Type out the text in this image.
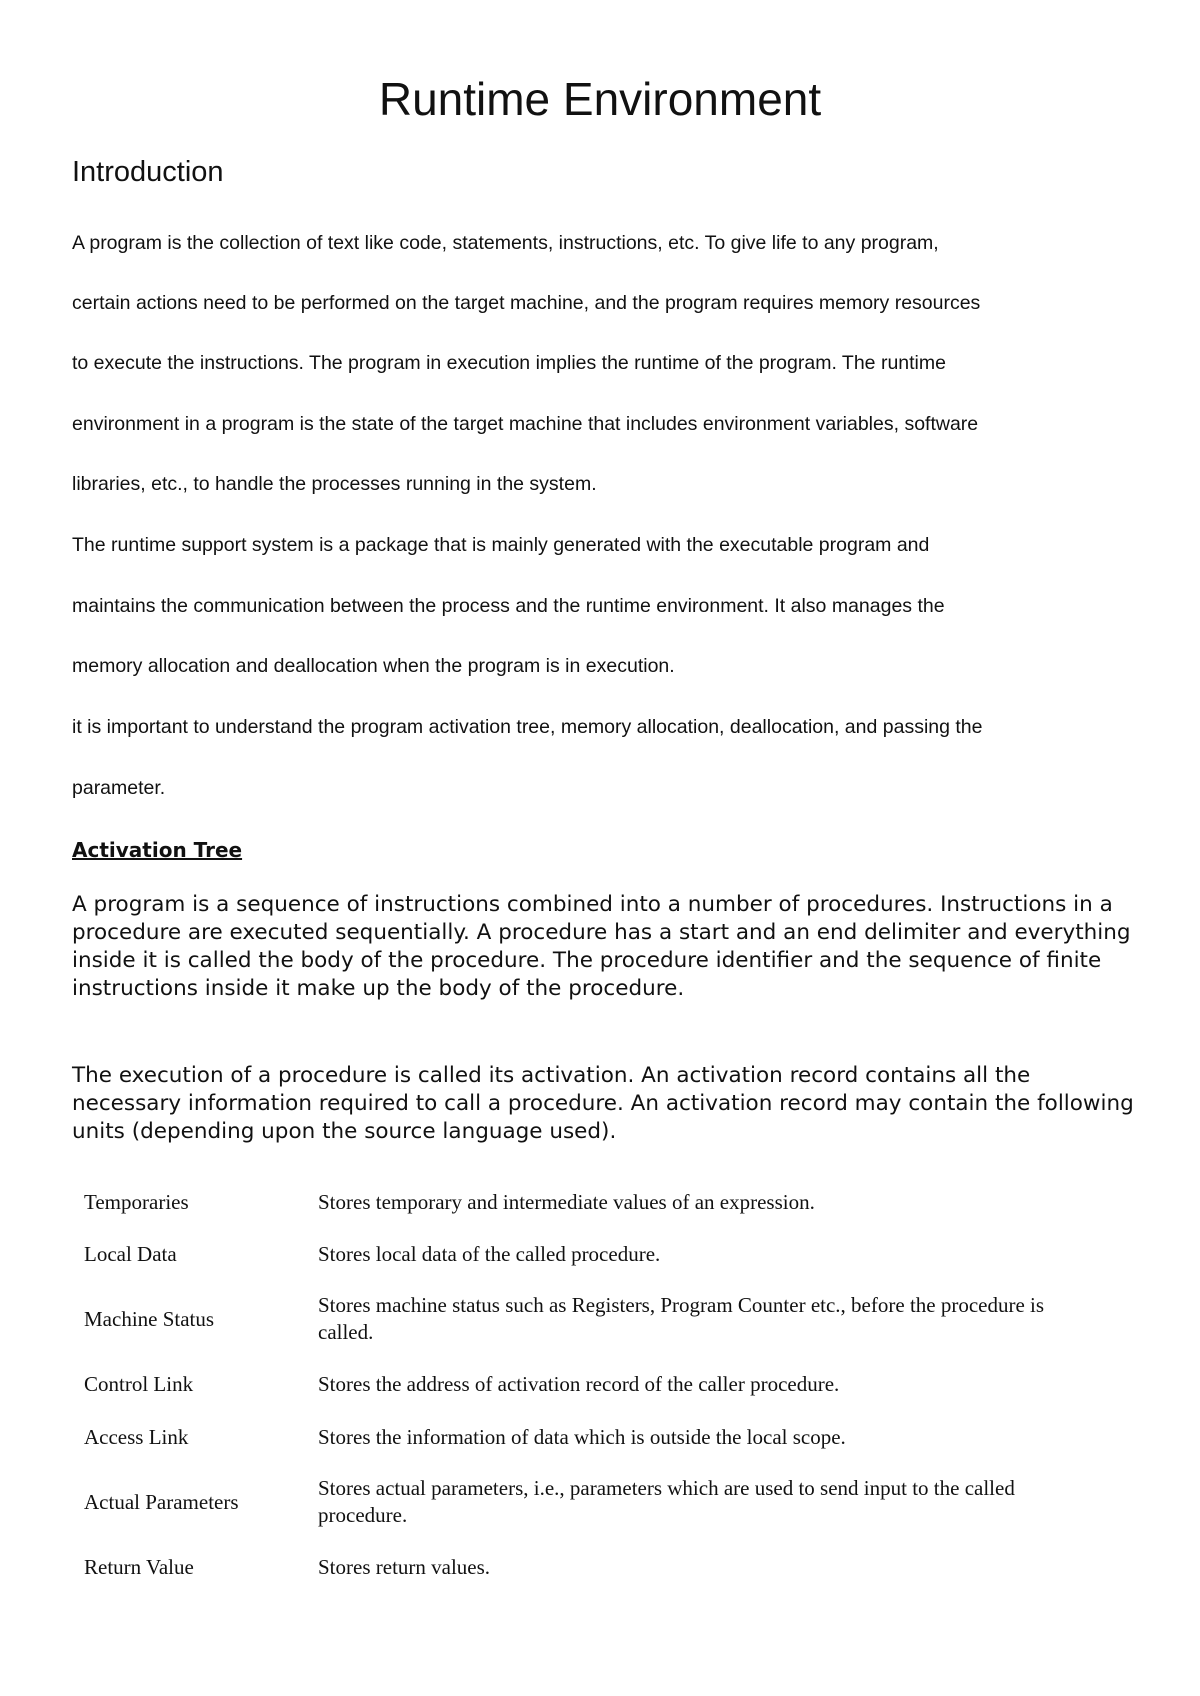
Runtime Environment
Introduction
A program is the collection of text like code, statements, instructions, etc. To give life to any program,
certain actions need to be performed on the target machine, and the program requires memory resources
to execute the instructions. The program in execution implies the runtime of the program. The runtime
environment in a program is the state of the target machine that includes environment variables, software
libraries, etc., to handle the processes running in the system.
The runtime support system is a package that is mainly generated with the executable program and
maintains the communication between the process and the runtime environment. It also manages the
memory allocation and deallocation when the program is in execution.
it is important to understand the program activation tree, memory allocation, deallocation, and passing the
parameter.
Activation Tree

A program is a sequence of instructions combined into a number of procedures. Instructions in a procedure are executed sequentially. A procedure has a start and an end delimiter and everything inside it is called the body of the procedure. The procedure identifier and the sequence of finite instructions inside it make up the body of the procedure.

The execution of a procedure is called its activation. An activation record contains all the necessary information required to call a procedure. An activation record may contain the following units (depending upon the source language used).

Temporaries	Stores temporary and intermediate values of an expression.
Local Data	Stores local data of the called procedure.
Machine Status	Stores machine status such as Registers, Program Counter etc., before the procedure is called.
Control Link	Stores the address of activation record of the caller procedure.
Access Link	Stores the information of data which is outside the local scope.
Actual Parameters	Stores actual parameters, i.e., parameters which are used to send input to the called procedure.
Return Value	Stores return values.
